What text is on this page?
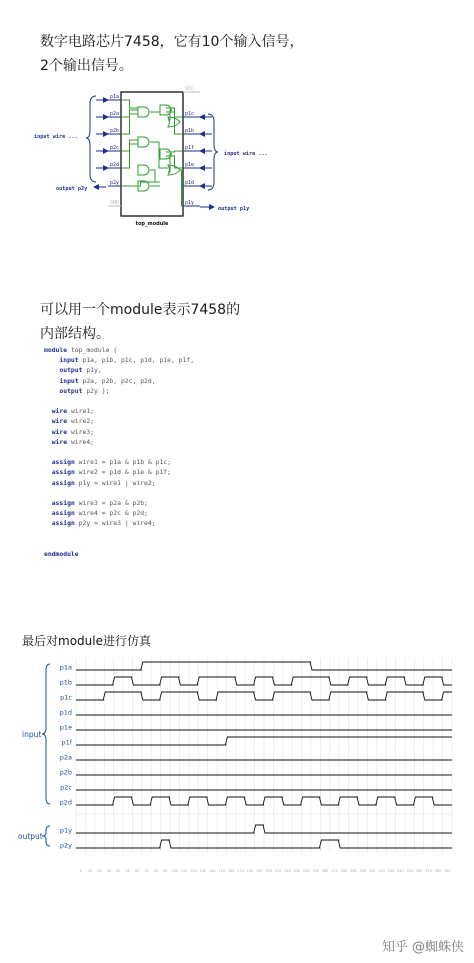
数字电路芯片7458，它有10个输入信号，
2个输出信号。
top_module
p1a
p2a
p2b
p2c
p2d
p2y
GND
VCC
p1c
p1b
p1f
p1e
p1d
p1y
input wire ...
input wire ...
output p2y
output p1y
可以用一个module表示7458的
内部结构。
module top_module (
input p1a, p1b, p1c, p1d, p1e, p1f,
output p1y,
input p2a, p2b, p2c, p2d,
output p2y );

wire wire1;
wire wire2;
wire wire3;
wire wire4;

assign wire1 = p1a & p1b & p1c;
assign wire2 = p1d & p1e & p1f;
assign p1y = wire1 | wire2;

assign wire3 = p2a & p2b;
assign wire4 = p2c & p2d;
assign p2y = wire3 | wire4;

endmodule
最后对module进行仿真
p1a
p1b
p1c
p1d
p1e
p1f
p2a
p2b
p2c
p2d
p1y
p2y
0 10 20 30 40 50 60 70 80 90 100 110 120 130 140 150 160 170 180 190 200 210 220 230 240 250 260 270 280 290 300 310 320 330 340 350 360 370 380 390
input
output
知乎 @蜘蛛侠
